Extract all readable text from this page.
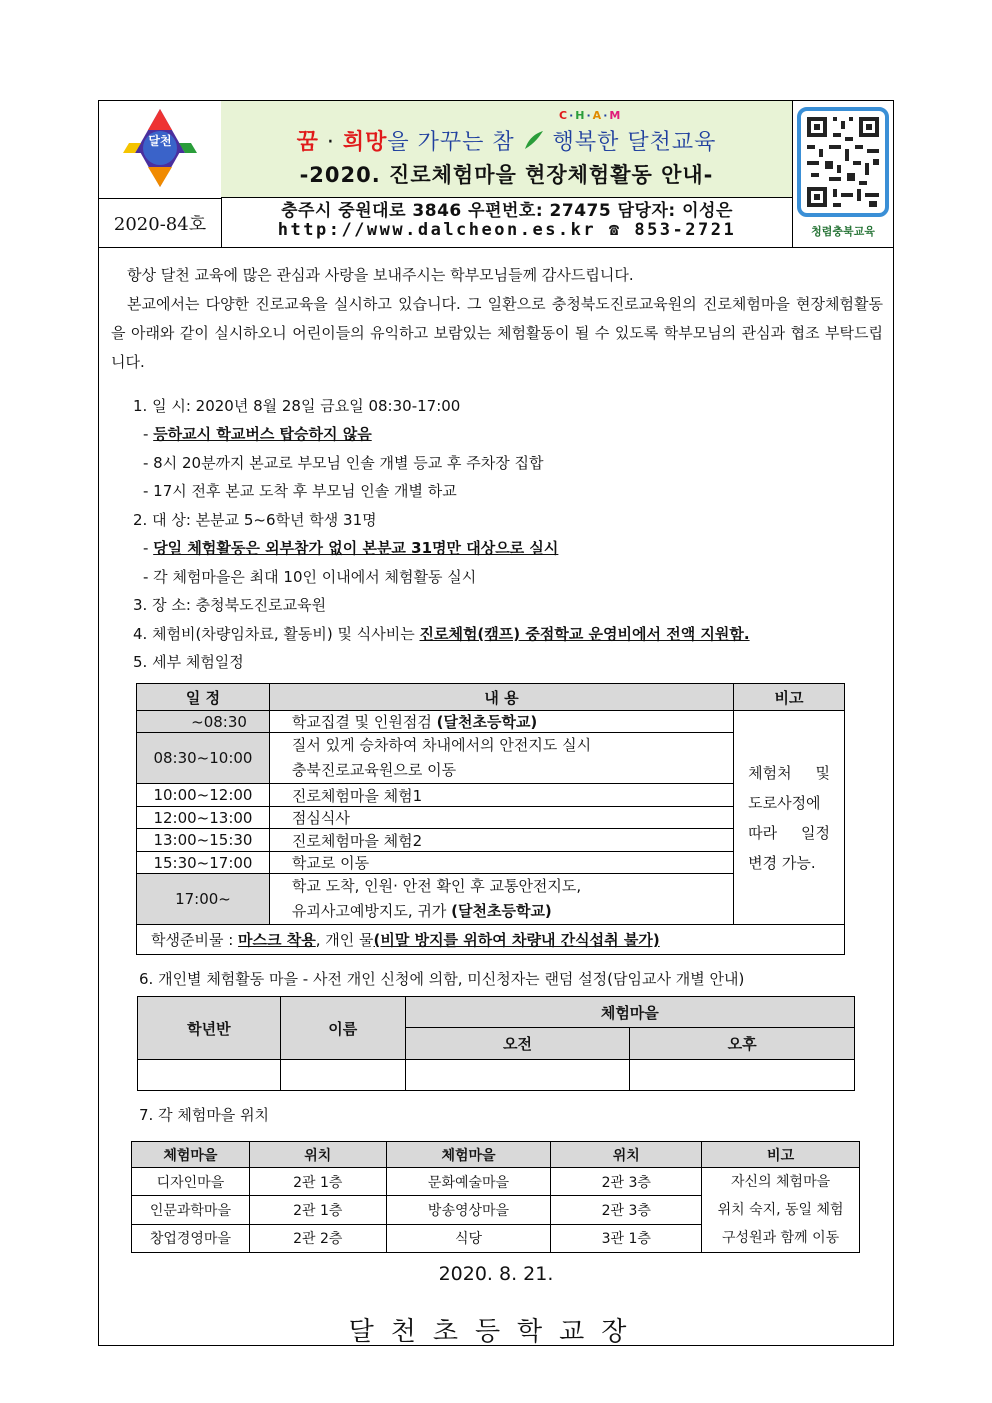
달천
2020-84호
C·H·A·M
꿈 · 희망을 가꾸는 참 행복한 달천교육
-2020. 진로체험마을 현장체험활동 안내-
충주시 중원대로 3846 우편번호: 27475 담당자: 이성은
http://www.dalcheon.es.kr ☎ 853-2721	청렴충북교육
항상 달천 교육에 많은 관심과 사랑을 보내주시는 학부모님들께 감사드립니다.
본교에서는 다양한 진로교육을 실시하고 있습니다. 그 일환으로 충청북도진로교육원의 진로체험마을 현장체험활동을 아래와 같이 실시하오니 어린이들의 유익하고 보람있는 체험활동이 될 수 있도록 학부모님의 관심과 협조 부탁드립니다.
1. 일 시: 2020년 8월 28일 금요일 08:30-17:00
- 등하교시 학교버스 탑승하지 않음
- 8시 20분까지 본교로 부모님 인솔 개별 등교 후 주차장 집합
- 17시 전후 본교 도착 후 부모님 인솔 개별 하교
2. 대 상: 본분교 5~6학년 학생 31명
- 당일 체험활동은 외부참가 없이 본분교 31명만 대상으로 실시
- 각 체험마을은 최대 10인 이내에서 체험활동 실시
3. 장 소: 충청북도진로교육원
4. 체험비(차량임차료, 활동비) 및 식사비는 진로체험(캠프) 중점학교 운영비에서 전액 지원함.
5. 세부 체험일정
일 정	내 용	비고
~08:30	학교집결 및 인원점검 (달천초등학교)	체험처 및
도로사정에
따라 일정
변경 가능.

08:30~10:00	질서 있게 승차하여 차내에서의 안전지도 실시
충북진로교육원으로 이동	

10:00~12:00	진로체험마을 체험1	
12:00~13:00	점심식사	
13:00~15:30	진로체험마을 체험2	
15:30~17:00	학교로 이동	
17:00~	학교 도착, 인원· 안전 확인 후 교통안전지도,
유괴사고예방지도, 귀가 (달천초등학교)	

학생준비물 : 마스크 착용, 개인 물(비말 방지를 위하여 차량내 간식섭취 불가)		
6. 개인별 체험활동 마을 - 사전 개인 신청에 의함, 미신청자는 랜덤 설정(담임교사 개별 안내)
학년반	이름	체험마을	
		오전	오후

7. 각 체험마을 위치
체험마을	위치	체험마을	위치	비고
디자인마을	2관 1층	문화예술마을	2관 3층	자신의 체험마을
위치 숙지, 동일 체험
구성원과 함께 이동

인문과학마을	2관 1층	방송영상마을	2관 3층	
창업경영마을	2관 2층	식당	3관 1층	
2020. 8. 21.
달천초등학교장
